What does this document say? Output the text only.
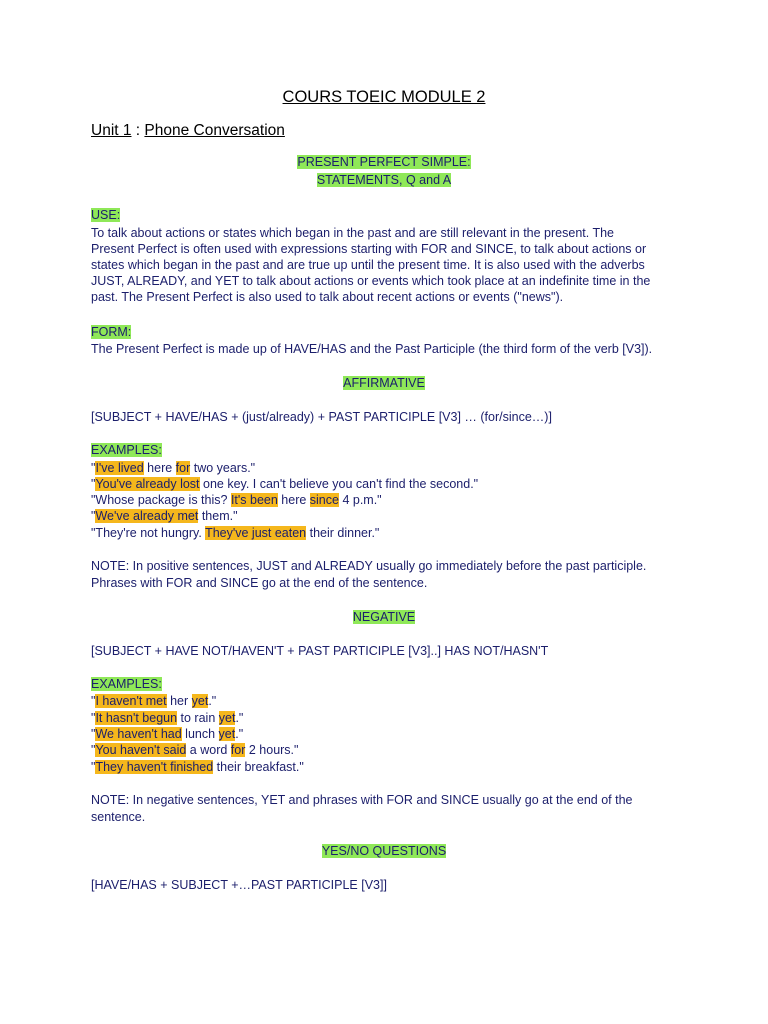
COURS TOEIC MODULE 2
Unit 1 : Phone Conversation
PRESENT PERFECT SIMPLE:
STATEMENTS, Q and A
USE:
To talk about actions or states which began in the past and are still relevant in the present. The
Present Perfect is often used with expressions starting with FOR and SINCE, to talk about actions or
states which began in the past and are true up until the present time. It is also used with the adverbs
JUST, ALREADY, and YET to talk about actions or events which took place at an indefinite time in the
past. The Present Perfect is also used to talk about recent actions or events ("news").
FORM:
The Present Perfect is made up of HAVE/HAS and the Past Participle (the third form of the verb [V3]).
AFFIRMATIVE
[SUBJECT + HAVE/HAS + (just/already) + PAST PARTICIPLE [V3] … (for/since…)]
EXAMPLES:
"I've lived here for two years."
"You've already lost one key. I can't believe you can't find the second."
"Whose package is this? It's been here since 4 p.m."
"We've already met them."
"They're not hungry. They've just eaten their dinner."
NOTE: In positive sentences, JUST and ALREADY usually go immediately before the past participle.
Phrases with FOR and SINCE go at the end of the sentence.
NEGATIVE
[SUBJECT + HAVE NOT/HAVEN'T + PAST PARTICIPLE [V3]..] HAS NOT/HASN'T
EXAMPLES:
"I haven't met her yet."
"It hasn't begun to rain yet."
"We haven't had lunch yet."
"You haven't said a word for 2 hours."
"They haven't finished their breakfast."
NOTE: In negative sentences, YET and phrases with FOR and SINCE usually go at the end of the
sentence.
YES/NO QUESTIONS
[HAVE/HAS + SUBJECT +…PAST PARTICIPLE [V3]]
